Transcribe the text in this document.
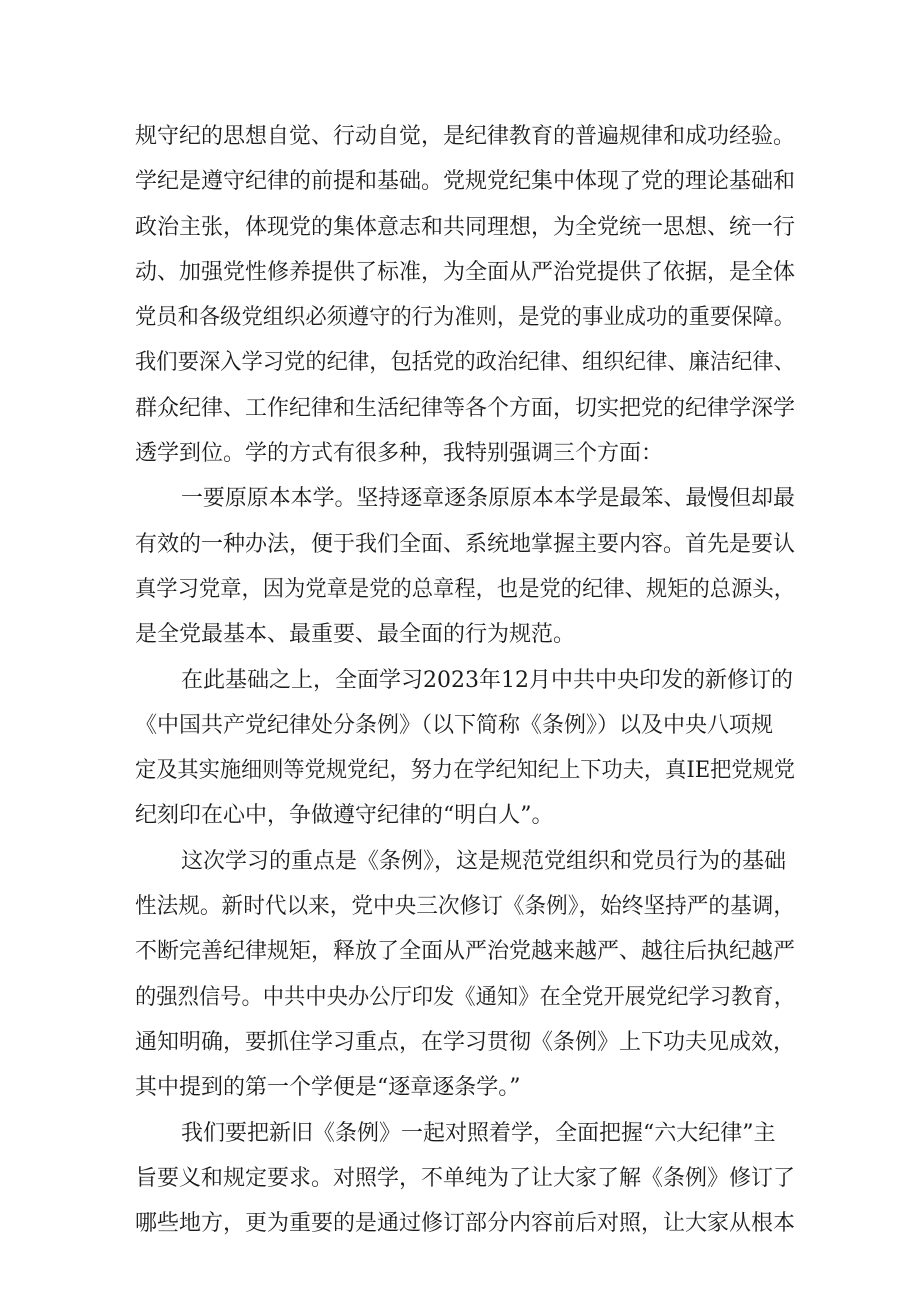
规守纪的思想自觉、行动自觉，是纪律教育的普遍规律和成功经验。
学纪是遵守纪律的前提和基础。党规党纪集中体现了党的理论基础和
政治主张，体现党的集体意志和共同理想，为全党统一思想、统一行
动、加强党性修养提供了标准，为全面从严治党提供了依据，是全体
党员和各级党组织必须遵守的行为准则，是党的事业成功的重要保障。
我们要深入学习党的纪律，包括党的政治纪律、组织纪律、廉洁纪律、
群众纪律、工作纪律和生活纪律等各个方面，切实把党的纪律学深学
透学到位。学的方式有很多种，我特别强调三个方面：
一要原原本本学。坚持逐章逐条原原本本学是最笨、最慢但却最
有效的一种办法，便于我们全面、系统地掌握主要内容。首先是要认
真学习党章，因为党章是党的总章程，也是党的纪律、规矩的总源头，
是全党最基本、最重要、最全面的行为规范。
在此基础之上，全面学习2023年12月中共中央印发的新修订的
《中国共产党纪律处分条例》（以下简称《条例》）以及中央八项规
定及其实施细则等党规党纪，努力在学纪知纪上下功夫，真IE把党规党
纪刻印在心中，争做遵守纪律的“明白人”。
这次学习的重点是《条例》，这是规范党组织和党员行为的基础
性法规。新时代以来，党中央三次修订《条例》，始终坚持严的基调，
不断完善纪律规矩，释放了全面从严治党越来越严、越往后执纪越严
的强烈信号。中共中央办公厅印发《通知》在全党开展党纪学习教育，
通知明确，要抓住学习重点，在学习贯彻《条例》上下功夫见成效，
其中提到的第一个学便是“逐章逐条学。”
我们要把新旧《条例》一起对照着学，全面把握“六大纪律”主
旨要义和规定要求。对照学，不单纯为了让大家了解《条例》修订了
哪些地方，更为重要的是通过修订部分内容前后对照，让大家从根本
